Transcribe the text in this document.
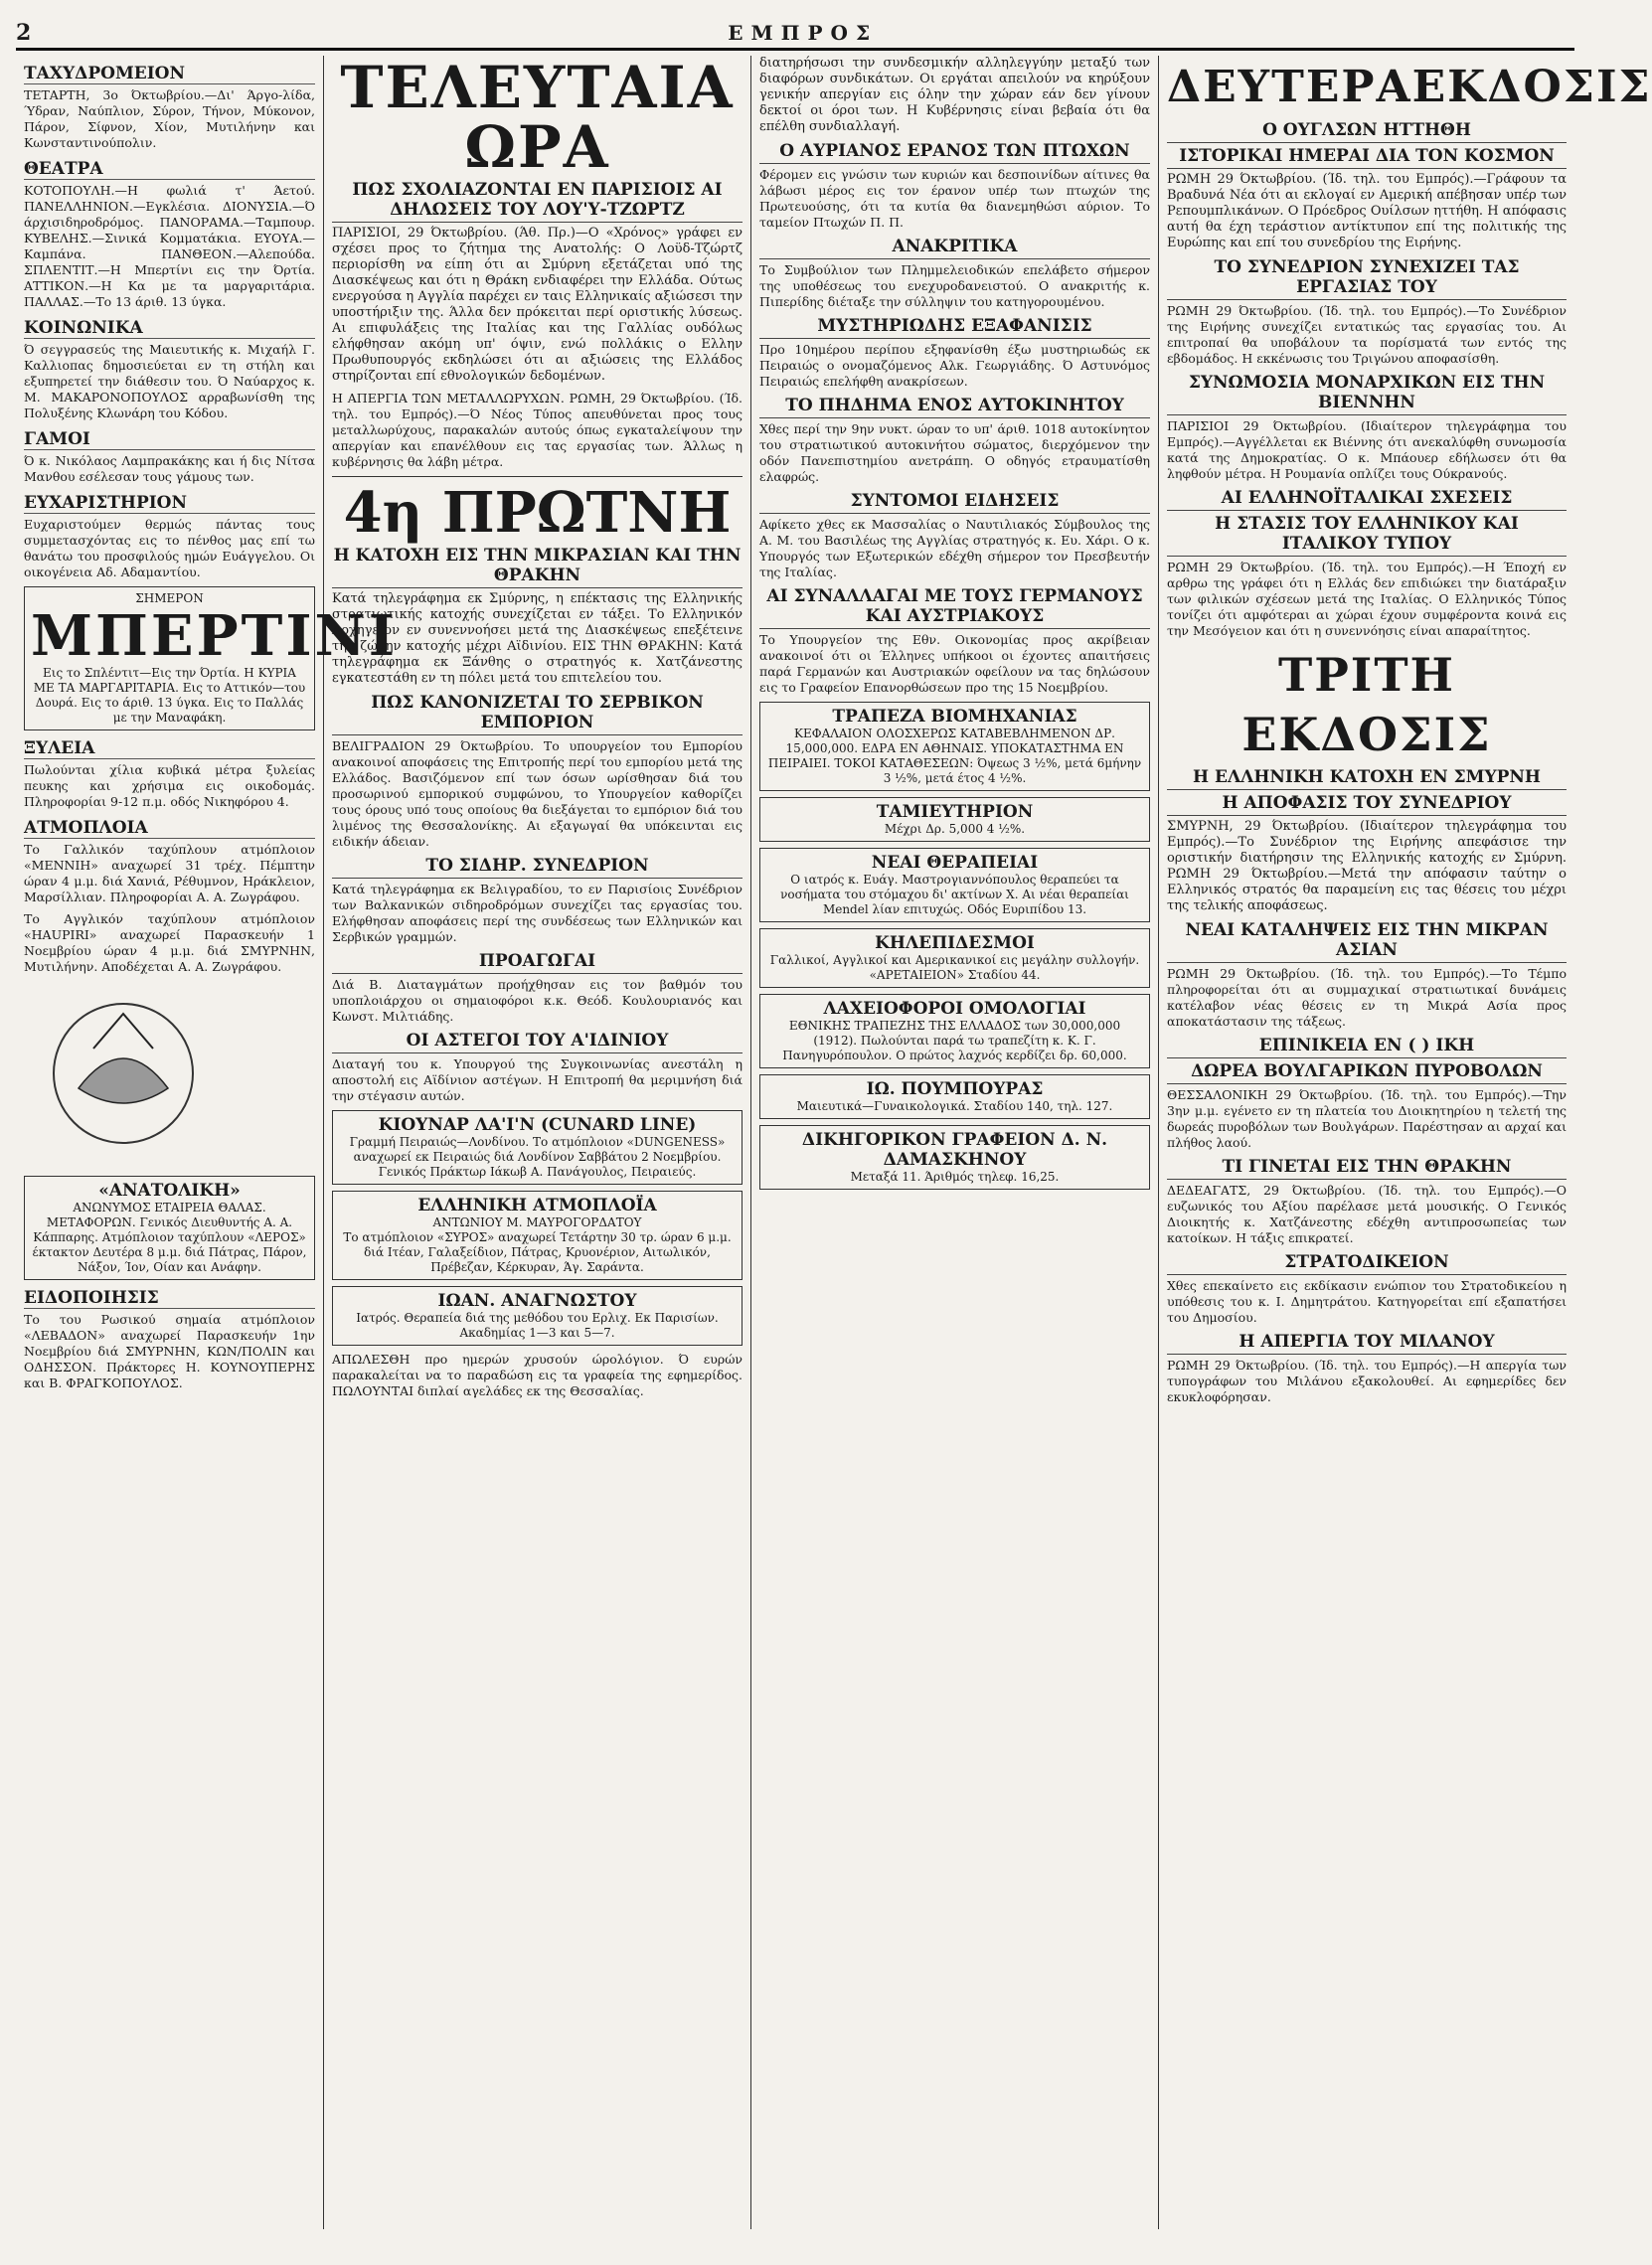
2	ΕΜΠΡΟΣ
ΤΑΧΥΔΡΟΜΕΙΟΝ

ΤΕΤΑΡΤΗ, 3ο Όκτωβρίου.—Δι' Άργο-λίδα, Ύδραν, Ναύπλιον, Σύρον, Τήνον, Μύκονον, Πάρον, Σίφνον, Χίον, Μυτιλήνην και Κωνσταντινούπολιν.

ΘΕΑΤΡΑ

ΚΟΤΟΠΟΥΛΗ.—Η φωλιά τ' Άετού. ΠΑΝΕΛΛΗΝΙΟΝ.—Εγκλέσια. ΔΙΟΝΥΣΙΑ.—Ό άρχισιδηροδρόμος. ΠΑΝΟΡΑΜΑ.—Ταμπουρ. ΚΥΒΕΛΗΣ.—Σινικά Κομματάκια. ΕΥΟΥΑ.—Καμπάνα. ΠΑΝΘΕΟΝ.—Αλεπούδα. ΣΠΛΕΝΤΙΤ.—Η Μπερτίνι εις την Όρτία. ΑΤΤΙΚΟΝ.—Η Κα με τα μαργαριτάρια. ΠΑΛΛΑΣ.—Το 13 άριθ. 13 ύγκα.

ΚΟΙΝΩΝΙΚΑ

Ό σεγγρασεύς της Μαιευτικής κ. Μιχαήλ Γ. Καλλιοπας δημοσιεύεται εν τη στήλη και εξυπηρετεί την διάθεσιν του. Ό Ναύαρχος κ. Μ. ΜΑΚΑΡΟΝΟΠΟΥΛΟΣ αρραβωνίσθη της Πολυξένης Κλωνάρη του Κόδου.

ΓΑΜΟΙ

Ό κ. Νικόλαος Λαμπρακάκης και ή δις Νίτσα Μανθου εσέλεσαν τους γάμους των.

ΕΥΧΑΡΙΣΤΗΡΙΟΝ

Ευχαριστούμεν θερμώς πάντας τους συμμετασχόντας εις το πένθος μας επί τω θανάτω του προσφιλούς ημών Ευάγγελου. Οι οικογένεια Αδ. Αδαμαντίου.

ΣΗΜΕΡΟΝ
ΜΠΕΡΤΙΝΙ
Εις το Σπλέντιτ—Εις την Όρτία. Η ΚΥΡΙΑ ΜΕ ΤΑ ΜΑΡΓΑΡΙΤΑΡΙΑ. Εις το Αττικόν—του Δουρά. Εις το άριθ. 13 ύγκα. Εις το Παλλάς με την Μαναφάκη.
ΞΥΛΕΙΑ

Πωλούνται χίλια κυβικά μέτρα ξυλείας πευκης και χρήσιμα εις οικοδομάς. Πληροφορίαι 9-12 π.μ. οδός Νικηφόρου 4.

ΑΤΜΟΠΛΟΙΑ

Το Γαλλικόν ταχύπλουν ατμόπλοιον «ΜΕΝΝΙΗ» αναχωρεί 31 τρέχ. Πέμπτην ώραν 4 μ.μ. διά Χανιά, Ρέθυμνον, Ηράκλειον, Μαρσίλλιαν. Πληροφορίαι Α. Α. Ζωγράφου.

Το Αγγλικόν ταχύπλουν ατμόπλοιον «HAUPIRI» αναχωρεί Παρασκευήν 1 Νοεμβρίου ώραν 4 μ.μ. διά ΣΜΥΡΝΗΝ, Μυτιλήνην. Αποδέχεται Α. Α. Ζωγράφου.

«ΑΝΑΤΟΛΙΚΗ»
ΑΝΩΝΥΜΟΣ ΕΤΑΙΡΕΙΑ ΘΑΛΑΣ. ΜΕΤΑΦΟΡΩΝ. Γενικός Διευθυντής Α. Α. Κάππαρης. Ατμόπλοιον ταχύπλουν «ΛΕΡΟΣ» έκτακτον Δευτέρα 8 μ.μ. διά Πάτρας, Πάρον, Νάξον, Ίον, Οίαν και Ανάφην.
ΕΙΔΟΠΟΙΗΣΙΣ

Το του Ρωσικού σημαία ατμόπλοιον «ΛΕΒΑΔΟΝ» αναχωρεί Παρασκευήν 1ην Νοεμβρίου διά ΣΜΥΡΝΗΝ, ΚΩΝ/ΠΟΛΙΝ και ΟΔΗΣΣΟΝ. Πράκτορες Η. ΚΟΥΝΟΥΠΕΡΗΣ και Β. ΦΡΑΓΚΟΠΟΥΛΟΣ.

ΤΕΛΕΥΤΑΙΑ ΩΡΑ
ΠΩΣ ΣΧΟΛΙΑΖΟΝΤΑΙ ΕΝ ΠΑΡΙΣΙΟΙΣ ΑΙ ΔΗΛΩΣΕΙΣ ΤΟΥ ΛΟΥ'Υ-ΤΖΩΡΤΖ

ΠΑΡΙΣΙΟΙ, 29 Όκτωβρίου. (Άθ. Πρ.)—Ο «Χρόνος» γράφει εν σχέσει προς το ζήτημα της Ανατολής: Ο Λοϋδ-Τζώρτζ περιορίσθη να είπη ότι αι Σμύρνη εξετάζεται υπό της Διασκέψεως και ότι η Θράκη ενδιαφέρει την Ελλάδα. Ούτως ενεργούσα η Αγγλία παρέχει εν ταις Ελληνικαίς αξιώσεσι την υποστήριξιν της. Άλλα δεν πρόκειται περί οριστικής λύσεως. Αι επιφυλάξεις της Ιταλίας και της Γαλλίας ουδόλως ελήφθησαν ακόμη υπ' όψιν, ενώ πολλάκις ο Ελλην Πρωθυπουργός εκδηλώσει ότι αι αξιώσεις της Ελλάδος στηρίζονται επί εθνολογικών δεδομένων.

Η ΑΠΕΡΓΙΑ ΤΩΝ ΜΕΤΑΛΛΩΡΥΧΩΝ. ΡΩΜΗ, 29 Όκτωβρίου. (Ίδ. τηλ. του Εμπρός).—Ό Νέος Τύπος απευθύνεται προς τους μεταλλωρύχους, παρακαλών αυτούς όπως εγκαταλείψουν την απεργίαν και επανέλθουν εις τας εργασίας των. Άλλως η κυβέρνησις θα λάβη μέτρα.

4η ΠΡΩΤΝΗ
Η ΚΑΤΟΧΗ ΕΙΣ ΤΗΝ ΜΙΚΡΑΣΙΑΝ ΚΑΙ ΤΗΝ ΘΡΑΚΗΝ

Κατά τηλεγράφημα εκ Σμύρνης, η επέκτασις της Ελληνικής στρατιωτικής κατοχής συνεχίζεται εν τάξει. Το Ελληνικόν Αρχηγείον εν συνεννοήσει μετά της Διασκέψεως επεξέτεινε την ζώνην κατοχής μέχρι Αϊδινίου. ΕΙΣ ΤΗΝ ΘΡΑΚΗΝ: Κατά τηλεγράφημα εκ Ξάνθης ο στρατηγός κ. Χατζάνεστης εγκατεστάθη εν τη πόλει μετά του επιτελείου του.

ΠΩΣ ΚΑΝΟΝΙΖΕΤΑΙ ΤΟ ΣΕΡΒΙΚΟΝ ΕΜΠΟΡΙΟΝ

ΒΕΛΙΓΡΑΔΙΟΝ 29 Όκτωβρίου. Το υπουργείον του Εμπορίου ανακοινοί αποφάσεις της Επιτροπής περί του εμπορίου μετά της Ελλάδος. Βασιζόμενον επί των όσων ωρίσθησαν διά του προσωρινού εμπορικού συμφώνου, το Υπουργείον καθορίζει τους όρους υπό τους οποίους θα διεξάγεται το εμπόριον διά του λιμένος της Θεσσαλονίκης. Αι εξαγωγαί θα υπόκεινται εις ειδικήν άδειαν.

ΤΟ ΣΙΔΗΡ. ΣΥΝΕΔΡΙΟΝ

Κατά τηλεγράφημα εκ Βελιγραδίου, το εν Παρισίοις Συνέδριον των Βαλκανικών σιδηροδρόμων συνεχίζει τας εργασίας του. Ελήφθησαν αποφάσεις περί της συνδέσεως των Ελληνικών και Σερβικών γραμμών.

ΠΡΟΑΓΩΓΑΙ

Διά Β. Διαταγμάτων προήχθησαν εις τον βαθμόν του υποπλοιάρχου οι σημαιοφόροι κ.κ. Θεόδ. Κουλουριανός και Κωνστ. Μιλτιάδης.

ΟΙ ΑΣΤΕΓΟΙ ΤΟΥ Α'ΙΔΙΝΙΟΥ

Διαταγή του κ. Υπουργού της Συγκοινωνίας ανεστάλη η αποστολή εις Αϊδίνιον αστέγων. Η Επιτροπή θα μεριμνήση διά την στέγασιν αυτών.

ΚΙΟΥΝΑΡ ΛΑ'Ι'Ν (CUNARD LINE)
Γραμμή Πειραιώς—Λονδίνου. Το ατμόπλοιον «DUNGENESS» αναχωρεί εκ Πειραιώς διά Λονδίνον Σαββάτου 2 Νοεμβρίου. Γενικός Πράκτωρ Ιάκωβ Α. Πανάγουλος, Πειραιεύς.
ΕΛΛΗΝΙΚΗ ΑΤΜΟΠΛΟΪΑ
ΑΝΤΩΝΙΟΥ Μ. ΜΑΥΡΟΓΟΡΔΑΤΟΥ
Το ατμόπλοιον «ΣΥΡΟΣ» αναχωρεί Τετάρτην 30 τρ. ώραν 6 μ.μ. διά Ιτέαν, Γαλαξείδιον, Πάτρας, Κρυονέριον, Αιτωλικόν, Πρέβεζαν, Κέρκυραν, Άγ. Σαράντα.
ΙΩΑΝ. ΑΝΑΓΝΩΣΤΟΥ
Ιατρός. Θεραπεία διά της μεθόδου του Ερλιχ. Εκ Παρισίων. Ακαδημίας 1—3 και 5—7.

ΑΠΩΛΕΣΘΗ προ ημερών χρυσούν ώρολόγιον. Ό ευρών παρακαλείται να το παραδώση εις τα γραφεία της εφημερίδος. ΠΩΛΟΥΝΤΑΙ διπλαί αγελάδες εκ της Θεσσαλίας.

διατηρήσωσι την συνδεσμικήν αλληλεγγύην μεταξύ των διαφόρων συνδικάτων. Οι εργάται απειλούν να κηρύξουν γενικήν απεργίαν εις όλην την χώραν εάν δεν γίνουν δεκτοί οι όροι των. Η Κυβέρνησις είναι βεβαία ότι θα επέλθη συνδιαλλαγή.

Ο ΑΥΡΙΑΝΟΣ ΕΡΑΝΟΣ ΤΩΝ ΠΤΩΧΩΝ

Φέρομεν εις γνώσιν των κυριών και δεσποινίδων αίτινες θα λάβωσι μέρος εις τον έρανον υπέρ των πτωχών της Πρωτευούσης, ότι τα κυτία θα διανεμηθώσι αύριον. Το ταμείον Πτωχών Π. Π.

ΑΝΑΚΡΙΤΙΚΑ

Το Συμβούλιον των Πλημμελειοδικών επελάβετο σήμερον της υποθέσεως του ενεχυροδανειστού. Ο ανακριτής κ. Πιπερίδης διέταξε την σύλληψιν του κατηγορουμένου.

ΜΥΣΤΗΡΙΩΔΗΣ ΕΞΑΦΑΝΙΣΙΣ

Προ 10ημέρου περίπου εξηφανίσθη έξω μυστηριωδώς εκ Πειραιώς ο ονομαζόμενος Αλκ. Γεωργιάδης. Ό Αστυνόμος Πειραιώς επελήφθη ανακρίσεων.

ΤΟ ΠΗΔΗΜΑ ΕΝΟΣ ΑΥΤΟΚΙΝΗΤΟΥ

Χθες περί την 9ην νυκτ. ώραν το υπ' άριθ. 1018 αυτοκίνητον του στρατιωτικού αυτοκινήτου σώματος, διερχόμενον την οδόν Πανεπιστημίου ανετράπη. Ο οδηγός ετραυματίσθη ελαφρώς.

ΣΥΝΤΟΜΟΙ ΕΙΔΗΣΕΙΣ

Αφίκετο χθες εκ Μασσαλίας ο Ναυτιλιακός Σύμβουλος της Α. Μ. του Βασιλέως της Αγγλίας στρατηγός κ. Ευ. Χάρι. Ο κ. Υπουργός των Εξωτερικών εδέχθη σήμερον τον Πρεσβευτήν της Ιταλίας.

ΑΙ ΣΥΝΑΛΛΑΓΑΙ ΜΕ ΤΟΥΣ ΓΕΡΜΑΝΟΥΣ ΚΑΙ ΑΥΣΤΡΙΑΚΟΥΣ

Το Υπουργείον της Εθν. Οικονομίας προς ακρίβειαν ανακοινοί ότι οι Έλληνες υπήκοοι οι έχοντες απαιτήσεις παρά Γερμανών και Αυστριακών οφείλουν να τας δηλώσουν εις το Γραφείον Επανορθώσεων προ της 15 Νοεμβρίου.

ΤΡΑΠΕΖΑ ΒΙΟΜΗΧΑΝΙΑΣ
ΚΕΦΑΛΑΙΟΝ ΟΛΟΣΧΕΡΩΣ ΚΑΤΑΒΕΒΛΗΜΕΝΟΝ ΔΡ. 15,000,000. ΕΔΡΑ ΕΝ ΑΘΗΝΑΙΣ. ΥΠΟΚΑΤΑΣΤΗΜΑ ΕΝ ΠΕΙΡΑΙΕΙ. ΤΟΚΟΙ ΚΑΤΑΘΕΣΕΩΝ: Όψεως 3 ½%, μετά 6μήνην 3 ½%, μετά έτος 4 ½%.
ΤΑΜΙΕΥΤΗΡΙΟΝ
Μέχρι Δρ. 5,000 4 ½%.
ΝΕΑΙ ΘΕΡΑΠΕΙΑΙ
Ο ιατρός κ. Ευάγ. Μαστρογιαννόπουλος θεραπεύει τα νοσήματα του στόμαχου δι' ακτίνων Χ. Αι νέαι θεραπείαι Mendel λίαν επιτυχώς. Οδός Ευριπίδου 13.
ΚΗΛΕΠΙΔΕΣΜΟΙ
Γαλλικοί, Αγγλικοί και Αμερικανικοί εις μεγάλην συλλογήν. «ΑΡΕΤΑΙΕΙΟΝ» Σταδίου 44.
ΛΑΧΕΙΟΦΟΡΟΙ ΟΜΟΛΟΓΙΑΙ
ΕΘΝΙΚΗΣ ΤΡΑΠΕΖΗΣ ΤΗΣ ΕΛΛΑΔΟΣ των 30,000,000 (1912). Πωλούνται παρά τω τραπεζίτη κ. Κ. Γ. Πανηγυρόπουλον. Ο πρώτος λαχνός κερδίζει δρ. 60,000.
ΙΩ. ΠΟΥΜΠΟΥΡΑΣ
Μαιευτικά—Γυναικολογικά. Σταδίου 140, τηλ. 127.
ΔΙΚΗΓΟΡΙΚΟΝ ΓΡΑΦΕΙΟΝ Δ. Ν. ΔΑΜΑΣΚΗΝΟΥ
Μεταξά 11. Άριθμός τηλεφ. 16,25.
ΔΕΥΤΕΡΑΕΚΔΟΣΙΣ
Ο ΟΥΓΛΣΩΝ ΗΤΤΗΘΗ
ΙΣΤΟΡΙΚΑΙ ΗΜΕΡΑΙ ΔΙΑ ΤΟΝ ΚΟΣΜΟΝ

ΡΩΜΗ 29 Όκτωβρίου. (Ίδ. τηλ. του Εμπρός).—Γράφουν τα Βραδυνά Νέα ότι αι εκλογαί εν Αμερική απέβησαν υπέρ των Ρεπουμπλικάνων. Ο Πρόεδρος Ουίλσων ηττήθη. Η απόφασις αυτή θα έχη τεράστιον αντίκτυπον επί της πολιτικής της Ευρώπης και επί του συνεδρίου της Ειρήνης.

ΤΟ ΣΥΝΕΔΡΙΟΝ ΣΥΝΕΧΙΖΕΙ ΤΑΣ ΕΡΓΑΣΙΑΣ ΤΟΥ

ΡΩΜΗ 29 Όκτωβρίου. (Ίδ. τηλ. του Εμπρός).—Το Συνέδριον της Ειρήνης συνεχίζει εντατικώς τας εργασίας του. Αι επιτροπαί θα υποβάλουν τα πορίσματά των εντός της εβδομάδος. Η εκκένωσις του Τριγώνου αποφασίσθη.

ΣΥΝΩΜΟΣΙΑ ΜΟΝΑΡΧΙΚΩΝ ΕΙΣ ΤΗΝ ΒΙΕΝΝΗΝ

ΠΑΡΙΣΙΟΙ 29 Όκτωβρίου. (Ιδιαίτερον τηλεγράφημα του Εμπρός).—Αγγέλλεται εκ Βιέννης ότι ανεκαλύφθη συνωμοσία κατά της Δημοκρατίας. Ο κ. Μπάουερ εδήλωσεν ότι θα ληφθούν μέτρα. Η Ρουμανία οπλίζει τους Ούκρανούς.

ΑΙ ΕΛΛΗΝΟΪΤΑΛΙΚΑΙ ΣΧΕΣΕΙΣ
Η ΣΤΑΣΙΣ ΤΟΥ ΕΛΛΗΝΙΚΟΥ ΚΑΙ ΙΤΑΛΙΚΟΥ ΤΥΠΟΥ

ΡΩΜΗ 29 Όκτωβρίου. (Ίδ. τηλ. του Εμπρός).—Η Έποχή εν αρθρω της γράφει ότι η Ελλάς δεν επιδιώκει την διατάραξιν των φιλικών σχέσεων μετά της Ιταλίας. Ο Ελληνικός Τύπος τονίζει ότι αμφότεραι αι χώραι έχουν συμφέροντα κοινά εις την Μεσόγειον και ότι η συνεννόησις είναι απαραίτητος.

ΤΡΙΤΗ ΕΚΔΟΣΙΣ
Η ΕΛΛΗΝΙΚΗ ΚΑΤΟΧΗ ΕΝ ΣΜΥΡΝΗ
Η ΑΠΟΦΑΣΙΣ ΤΟΥ ΣΥΝΕΔΡΙΟΥ

ΣΜΥΡΝΗ, 29 Όκτωβρίου. (Ιδιαίτερον τηλεγράφημα του Εμπρός).—Το Συνέδριον της Ειρήνης απεφάσισε την οριστικήν διατήρησιν της Ελληνικής κατοχής εν Σμύρνη. ΡΩΜΗ 29 Όκτωβρίου.—Μετά την απόφασιν ταύτην ο Ελληνικός στρατός θα παραμείνη εις τας θέσεις του μέχρι της τελικής αποφάσεως.

ΝΕΑΙ ΚΑΤΑΛΗΨΕΙΣ ΕΙΣ ΤΗΝ ΜΙΚΡΑΝ ΑΣΙΑΝ

ΡΩΜΗ 29 Όκτωβρίου. (Ίδ. τηλ. του Εμπρός).—Το Τέμπο πληροφορείται ότι αι συμμαχικαί στρατιωτικαί δυνάμεις κατέλαβον νέας θέσεις εν τη Μικρά Ασία προς αποκατάστασιν της τάξεως.

ΕΠΙΝΙΚΕΙΑ ΕΝ ( ) ΙΚΗ
ΔΩΡΕΑ ΒΟΥΛΓΑΡΙΚΩΝ ΠΥΡΟΒΟΛΩΝ

ΘΕΣΣΑΛΟΝΙΚΗ 29 Όκτωβρίου. (Ίδ. τηλ. του Εμπρός).—Την 3ην μ.μ. εγένετο εν τη πλατεία του Διοικητηρίου η τελετή της δωρεάς πυροβόλων των Βουλγάρων. Παρέστησαν αι αρχαί και πλήθος λαού.

ΤΙ ΓΙΝΕΤΑΙ ΕΙΣ ΤΗΝ ΘΡΑΚΗΝ

ΔΕΔΕΑΓΑΤΣ, 29 Όκτωβρίου. (Ίδ. τηλ. του Εμπρός).—Ο ευζωνικός του Αξίου παρέλασε μετά μουσικής. Ο Γενικός Διοικητής κ. Χατζάνεστης εδέχθη αντιπροσωπείας των κατοίκων. Η τάξις επικρατεί.

ΣΤΡΑΤΟΔΙΚΕΙΟΝ

Χθες επεκαίνετο εις εκδίκασιν ενώπιον του Στρατοδικείου η υπόθεσις του κ. Ι. Δημητράτου. Κατηγορείται επί εξαπατήσει του Δημοσίου.

Η ΑΠΕΡΓΙΑ ΤΟΥ ΜΙΛΑΝΟΥ

ΡΩΜΗ 29 Όκτωβρίου. (Ίδ. τηλ. του Εμπρός).—Η απεργία των τυπογράφων του Μιλάνου εξακολουθεί. Αι εφημερίδες δεν εκυκλοφόρησαν.
